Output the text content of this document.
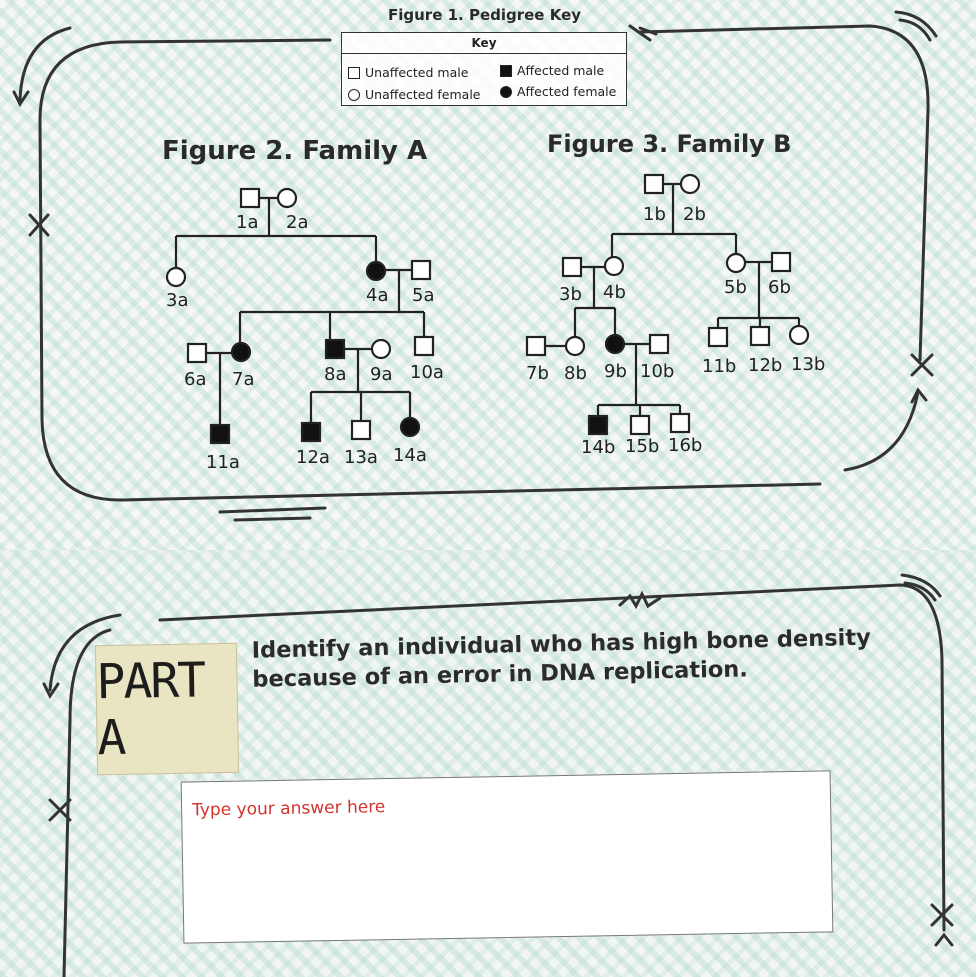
Figure 1. Pedigree Key
Key
Unaffected male	Affected male
Unaffected female	Affected female
Figure 2. Family A	Figure 3. Family B
1a 2a
3a	4a 5a
6a 7a	8a 9a 10a
11a	12a 13a 14a
1b 2b
3b 4b	5b 6b
7b 8b 9b 10b 11b 12b 13b
14b 15b 16b
PART A
Identify an individual who has high bone density because of an error in DNA replication.
Type your answer here
